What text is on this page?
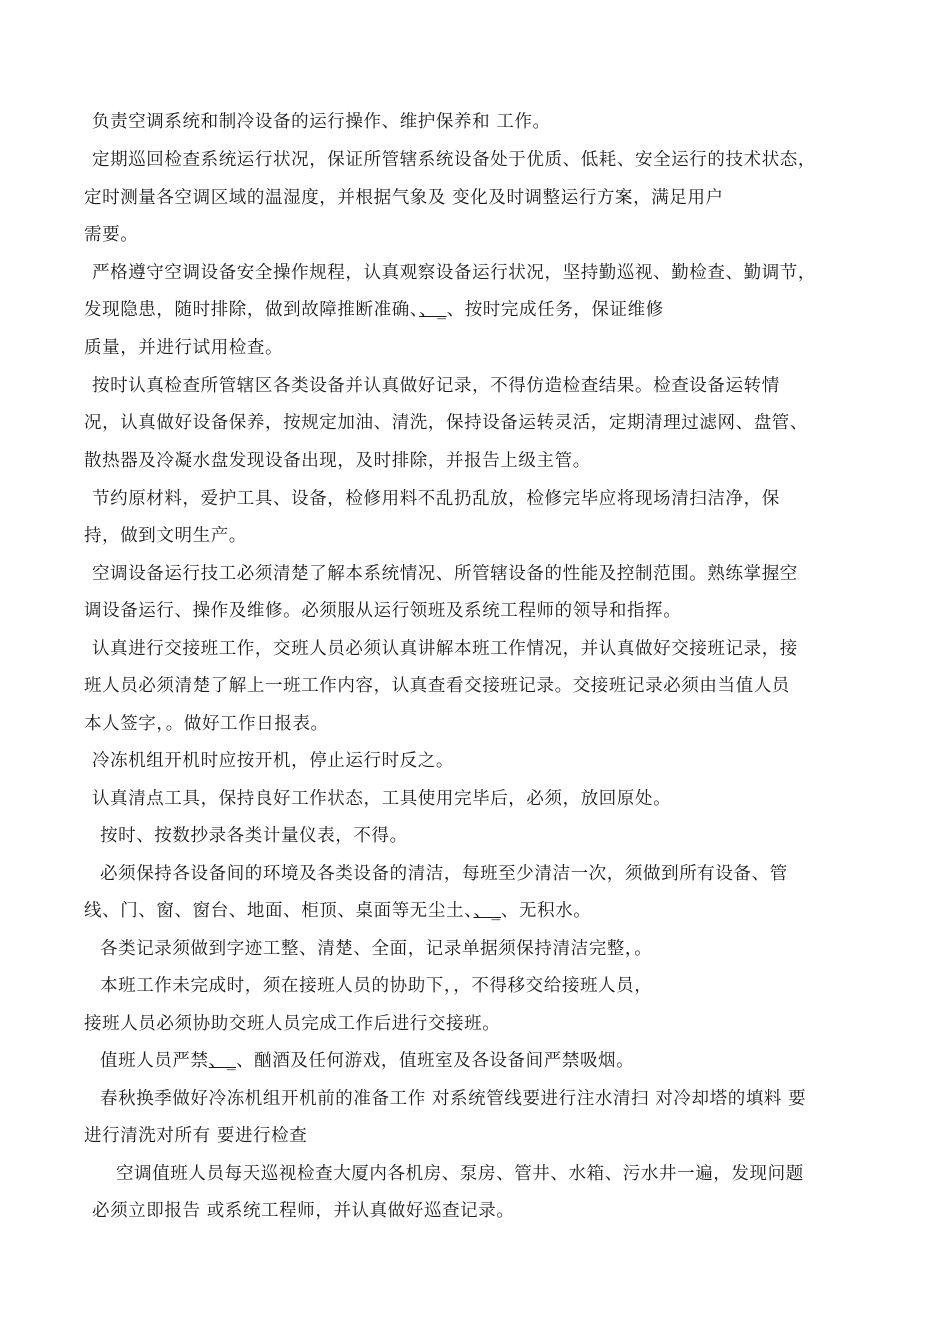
负责空调系统和制冷设备的运行操作、维护保养和 工作。
定期巡回检查系统运行状况，保证所管辖系统设备处于优质、低耗、安全运行的技术状态，
定时测量各空调区域的温湿度，并根据气象及 变化及时调整运行方案，满足用户
需要。
严格遵守空调设备安全操作规程，认真观察设备运行状况，坚持勤巡视、勤检查、勤调节，
发现隐患，随时排除，做到故障推断准确、、_、按时完成任务，保证维修
质量，并进行试用检查。
按时认真检查所管辖区各类设备并认真做好记录，不得仿造检查结果。检查设备运转情
况，认真做好设备保养，按规定加油、清洗，保持设备运转灵活，定期清理过滤网、盘管、
散热器及冷凝水盘发现设备出现，及时排除，并报告上级主管。
节约原材料，爱护工具、设备，检修用料不乱扔乱放，检修完毕应将现场清扫洁净，保
持，做到文明生产。
空调设备运行技工必须清楚了解本系统情况、所管辖设备的性能及控制范围。熟练掌握空
调设备运行、操作及维修。必须服从运行领班及系统工程师的领导和指挥。
认真进行交接班工作，交班人员必须认真讲解本班工作情况，并认真做好交接班记录，接
班人员必须清楚了解上一班工作内容，认真查看交接班记录。交接班记录必须由当值人员
本人签字，。做好工作日报表。
冷冻机组开机时应按开机，停止运行时反之。
认真清点工具，保持良好工作状态，工具使用完毕后，必须，放回原处。
按时、按数抄录各类计量仪表，不得。
必须保持各设备间的环境及各类设备的清洁，每班至少清洁一次，须做到所有设备、管
线、门、窗、窗台、地面、柜顶、桌面等无尘土、、_、无积水。
各类记录须做到字迹工整、清楚、全面，记录单据须保持清洁完整，。
本班工作未完成时，须在接班人员的协助下，，不得移交给接班人员，
接班人员必须协助交班人员完成工作后进行交接班。
值班人员严禁、_、酗酒及任何游戏，值班室及各设备间严禁吸烟。
春秋换季做好冷冻机组开机前的准备工作 对系统管线要进行注水清扫 对冷却塔的填料 要
进行清洗对所有 要进行检查
空调值班人员每天巡视检查大厦内各机房、泵房、管井、水箱、污水井一遍，发现问题
必须立即报告 或系统工程师，并认真做好巡查记录。
